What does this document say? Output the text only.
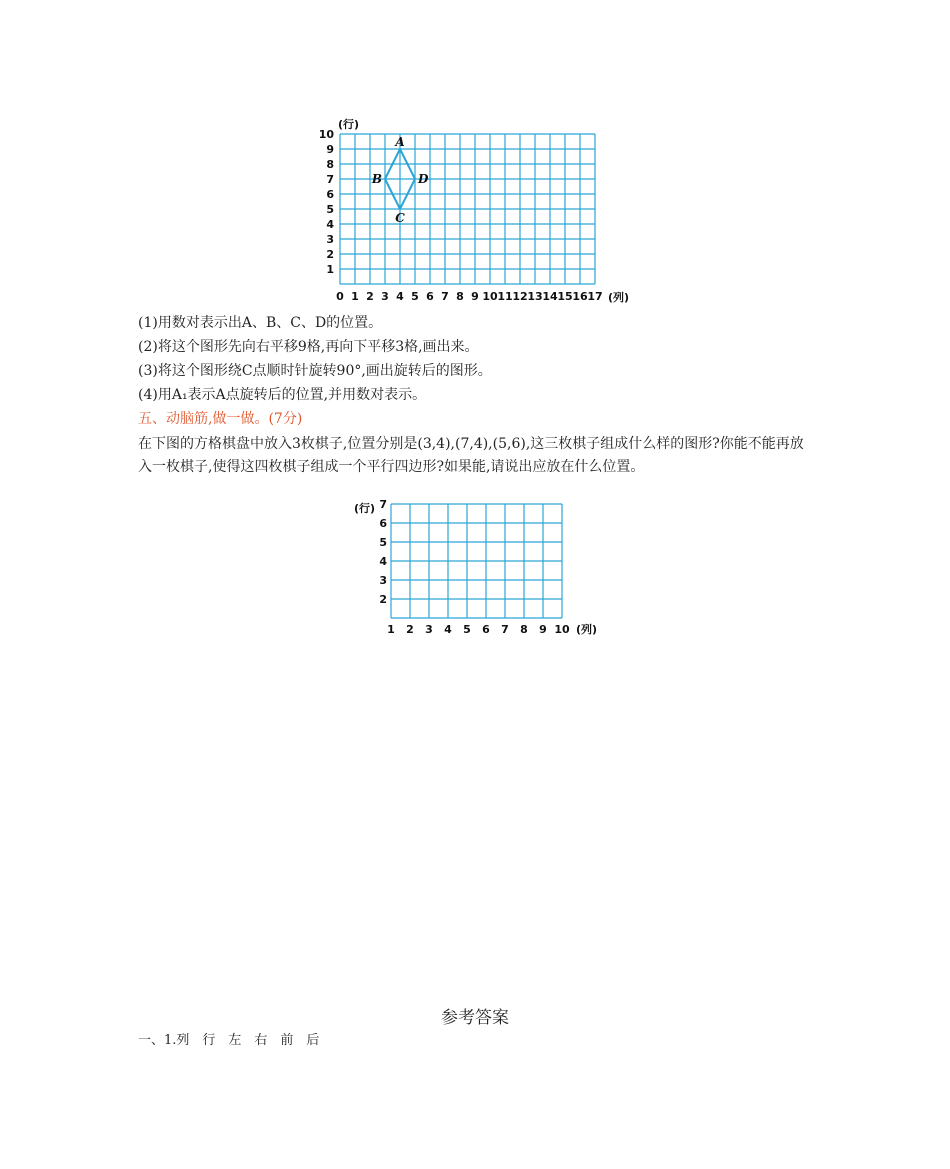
0 1 2 3 4 5 6 7 8 9 10 11 12 13 14 15 16 17
1
2
3
4
5
6
7
8
9
10
A
B
C
D
(行)
(列)
(1)用数对表示出A、B、C、D的位置。
(2)将这个图形先向右平移9格,再向下平移3格,画出来。
(3)将这个图形绕C点顺时针旋转90°,画出旋转后的图形。
(4)用A₁表示A点旋转后的位置,并用数对表示。
五、动脑筋,做一做。(7分)
在下图的方格棋盘中放入3枚棋子,位置分别是(3,4),(7,4),(5,6),这三枚棋子组成什么样的图形?你能不能再放入一枚棋子,使得这四枚棋子组成一个平行四边形?如果能,请说出应放在什么位置。
1 2 3 4 5 6 7 8 9 10
2
3
4
5
6
7
(行)
(列)
参考答案
一、1.列　行　左　右　前　后
